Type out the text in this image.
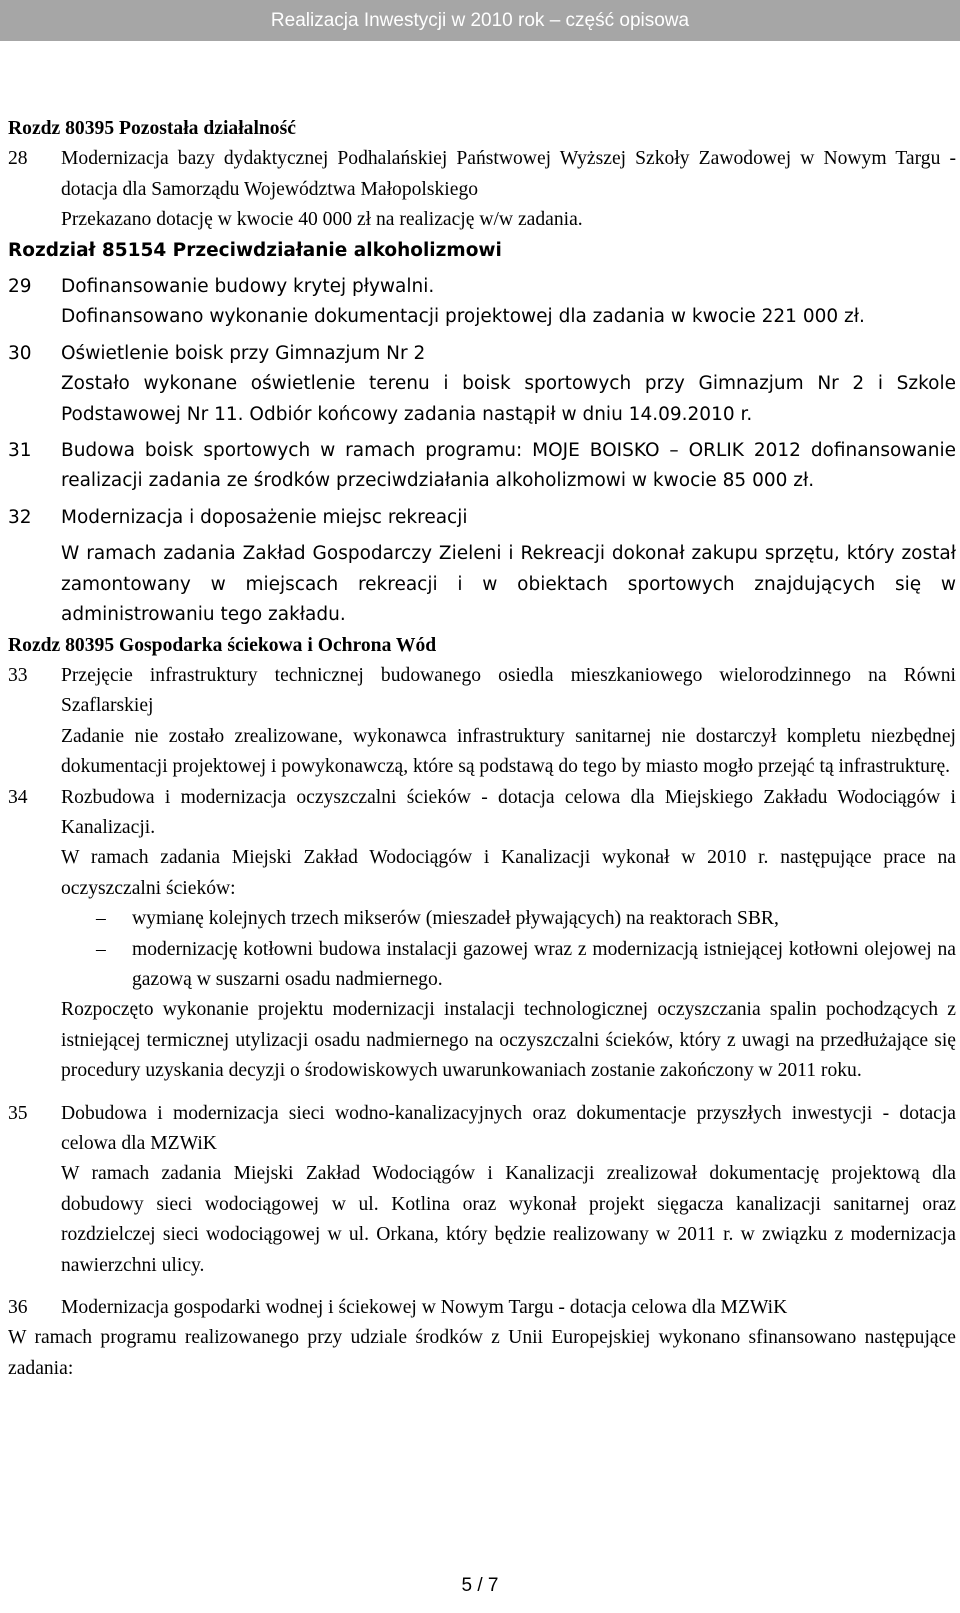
Realizacja Inwestycji w 2010 rok – część opisowa

Rozdz 80395 Pozostała działalność

28 Modernizacja bazy dydaktycznej Podhalańskiej Państwowej Wyższej Szkoły Zawodowej w Nowym Targu - dotacja dla Samorządu Województwa Małopolskiego

Przekazano dotację w kwocie 40 000 zł na realizację w/w zadania.

Rozdział 85154 Przeciwdziałanie alkoholizmowi

29 Dofinansowanie budowy krytej pływalni.

Dofinansowano wykonanie dokumentacji projektowej dla zadania w kwocie 221 000 zł.

30 Oświetlenie boisk przy Gimnazjum Nr 2

Zostało wykonane oświetlenie terenu i boisk sportowych przy Gimnazjum Nr 2 i Szkole Podstawowej Nr 11. Odbiór końcowy zadania nastąpił w dniu 14.09.2010 r.

31 Budowa boisk sportowych w ramach programu: MOJE BOISKO – ORLIK 2012 dofinansowanie realizacji zadania ze środków przeciwdziałania alkoholizmowi w kwocie 85 000 zł.

32 Modernizacja i doposażenie miejsc rekreacji

W ramach zadania Zakład Gospodarczy Zieleni i Rekreacji dokonał zakupu sprzętu, który został zamontowany w miejscach rekreacji i w obiektach sportowych znajdujących się w administrowaniu tego zakładu.

Rozdz 80395 Gospodarka ściekowa i Ochrona Wód

33 Przejęcie infrastruktury technicznej budowanego osiedla mieszkaniowego wielorodzinnego na Równi Szaflarskiej

Zadanie nie zostało zrealizowane, wykonawca infrastruktury sanitarnej nie dostarczył kompletu niezbędnej dokumentacji projektowej i powykonawczą, które są podstawą do tego by miasto mogło przejąć tą infrastrukturę.

34 Rozbudowa i modernizacja oczyszczalni ścieków - dotacja celowa dla Miejskiego Zakładu Wodociągów i Kanalizacji.

W ramach zadania Miejski Zakład Wodociągów i Kanalizacji wykonał w 2010 r. następujące prace na oczyszczalni ścieków:

– wymianę kolejnych trzech mikserów (mieszadeł pływających) na reaktorach SBR,
– modernizację kotłowni budowa instalacji gazowej wraz z modernizacją istniejącej kotłowni olejowej na gazową w suszarni osadu nadmiernego.

Rozpoczęto wykonanie projektu modernizacji instalacji technologicznej oczyszczania spalin pochodzących z istniejącej termicznej utylizacji osadu nadmiernego na oczyszczalni ścieków, który z uwagi na przedłużające się procedury uzyskania decyzji o środowiskowych uwarunkowaniach zostanie zakończony w 2011 roku.

35 Dobudowa i modernizacja sieci wodno-kanalizacyjnych oraz dokumentacje przyszłych inwestycji - dotacja celowa dla MZWiK

W ramach zadania Miejski Zakład Wodociągów i Kanalizacji zrealizował dokumentację projektową dla dobudowy sieci wodociągowej w ul. Kotlina oraz wykonał projekt sięgacza kanalizacji sanitarnej oraz rozdzielczej sieci wodociągowej w ul. Orkana, który będzie realizowany w 2011 r. w związku z modernizacja nawierzchni ulicy.

36 Modernizacja gospodarki wodnej i ściekowej w Nowym Targu - dotacja celowa dla MZWiK

W ramach programu realizowanego przy udziale środków z Unii Europejskiej wykonano sfinansowano następujące zadania:

5 / 7
